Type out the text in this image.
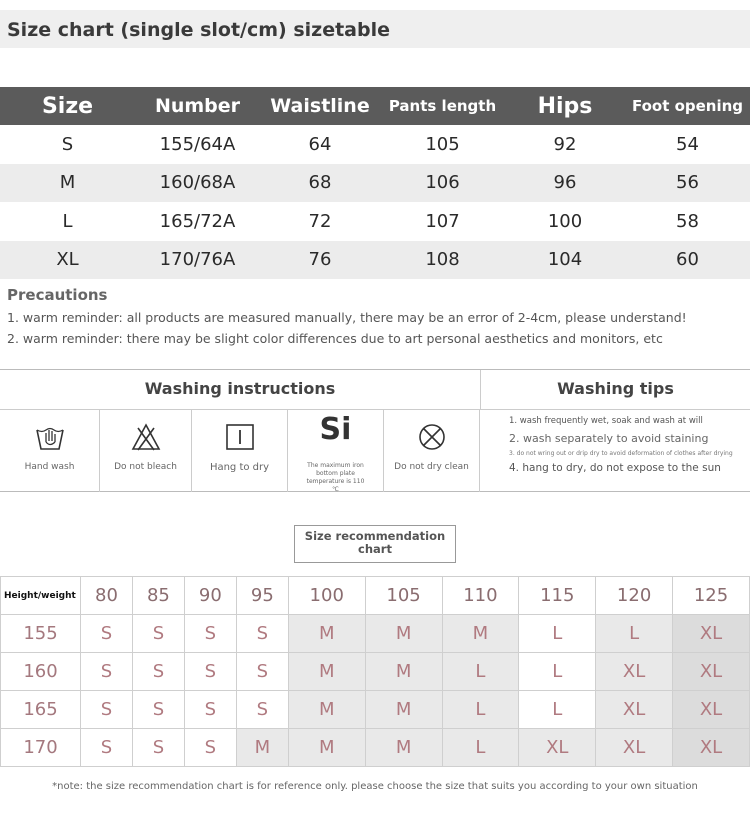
Size chart (single slot/cm) sizetable
Size	Number	Waistline	Pants length	Hips	Foot opening
S	155/64A	64	105	92	54
M	160/68A	68	106	96	56
L	165/72A	72	107	100	58
XL	170/76A	76	108	104	60
Precautions
1. warm reminder: all products are measured manually, there may be an error of 2-4cm, please understand!
2. warm reminder: there may be slight color differences due to art personal aesthetics and monitors, etc
Washing instructions	Washing tips
Hand wash	Do not bleach	Hang to dry
Si
The maximum iron bottom plate temperature is 110 ℃
Do not dry clean
1. wash frequently wet, soak and wash at will
2. wash separately to avoid staining
3. do not wring out or drip dry to avoid deformation of clothes after drying
4. hang to dry, do not expose to the sun
Size recommendation chart
Height/weight	80	85	90	95	100	105	110	115	120	125
155	S	S	S	S	M	M	M	L	L	XL
160	S	S	S	S	M	M	L	L	XL	XL
165	S	S	S	S	M	M	L	L	XL	XL
170	S	S	S	M	M	M	L	XL	XL	XL
*note: the size recommendation chart is for reference only. please choose the size that suits you according to your own situation
